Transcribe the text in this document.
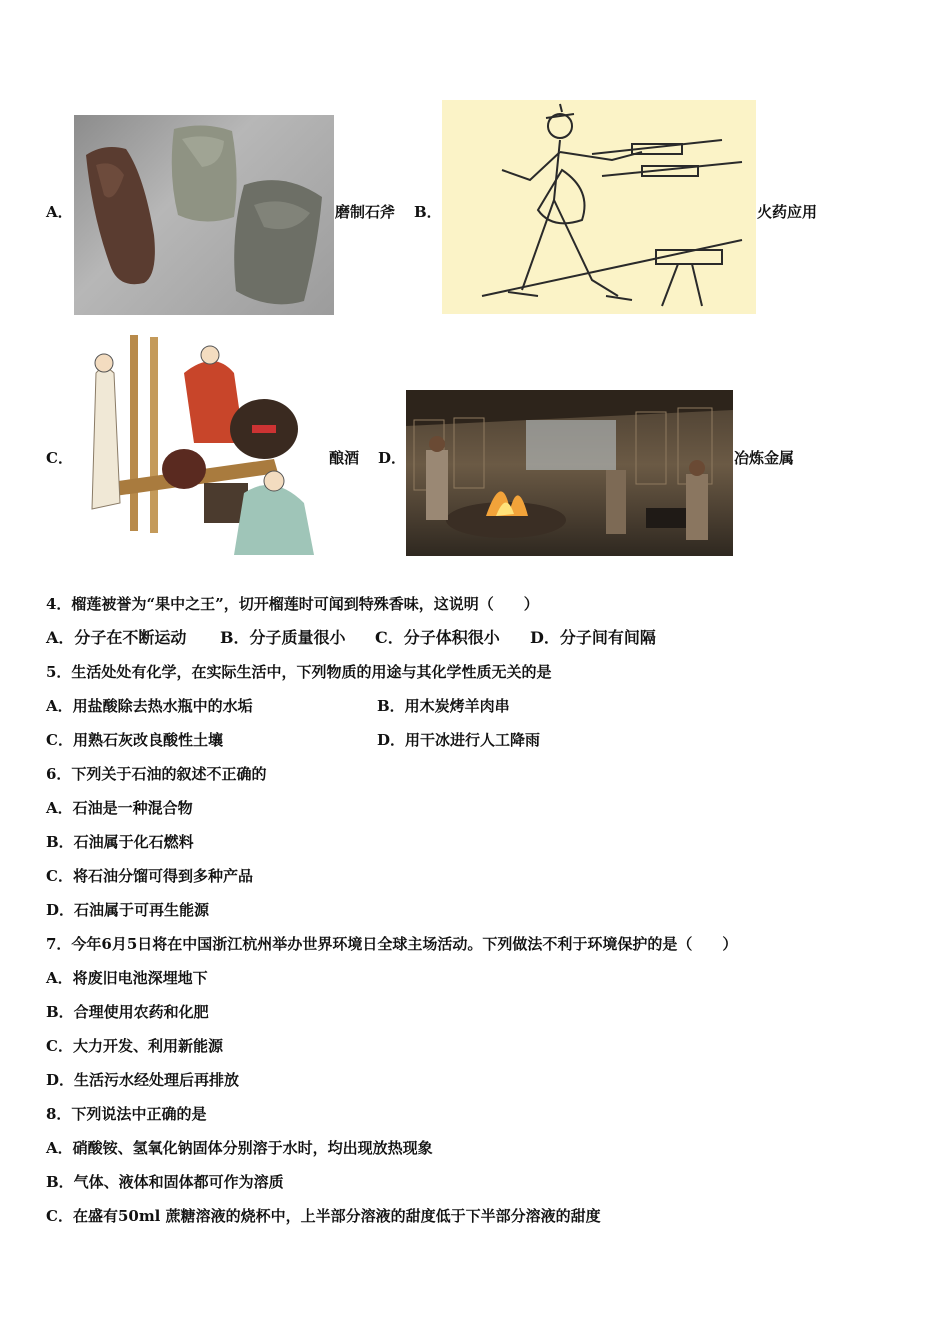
A．	磨制石斧 B．	火药应用
C．	酿酒 D．	冶炼金属
4．榴莲被誉为“果中之王”，切开榴莲时可闻到特殊香味，这说明（　　）
A．分子在不断运动 B．分子质量很小 C．分子体积很小 D．分子间有间隔
5．生活处处有化学，在实际生活中，下列物质的用途与其化学性质无关的是
A．用盐酸除去热水瓶中的水垢	B．用木炭烤羊肉串
C．用熟石灰改良酸性土壤	D．用干冰进行人工降雨
6．下列关于石油的叙述不正确的
A．石油是一种混合物
B．石油属于化石燃料
C．将石油分馏可得到多种产品
D．石油属于可再生能源
7．今年6月5日将在中国浙江杭州举办世界环境日全球主场活动。下列做法不利于环境保护的是（　　）
A．将废旧电池深埋地下
B．合理使用农药和化肥
C．大力开发、利用新能源
D．生活污水经处理后再排放
8．下列说法中正确的是
A．硝酸铵、氢氧化钠固体分别溶于水时，均出现放热现象
B．气体、液体和固体都可作为溶质
C．在盛有50ml 蔗糖溶液的烧杯中，上半部分溶液的甜度低于下半部分溶液的甜度
